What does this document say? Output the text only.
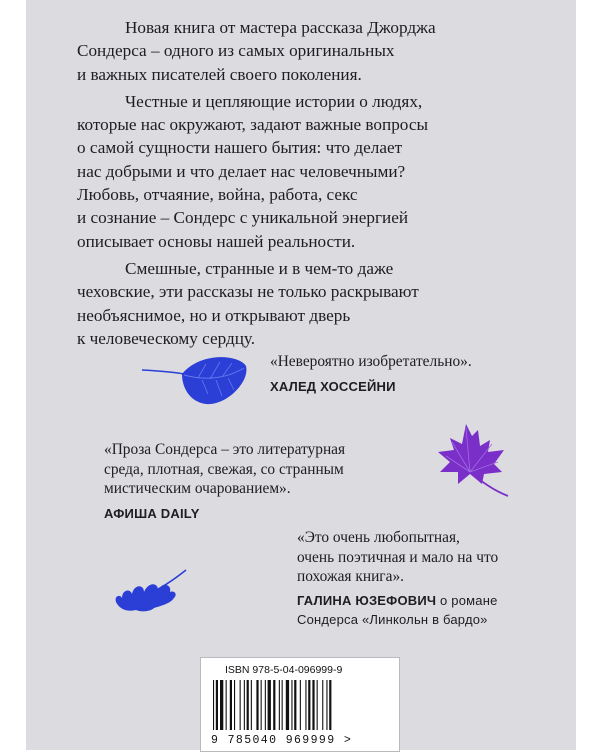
Новая книга от мастера рассказа Джорджа
Сондерса – одного из самых оригинальных
и важных писателей своего поколения.

Честные и цепляющие истории о людях,
которые нас окружают, задают важные вопросы
о самой сущности нашего бытия: что делает
нас добрыми и что делает нас человечными?
Любовь, отчаяние, война, работа, секс
и сознание – Сондерс с уникальной энергией
описывает основы нашей реальности.

Смешные, странные и в чем-то даже
чеховские, эти рассказы не только раскрывают
необъяснимое, но и открывают дверь
к человеческому сердцу.

«Невероятно изобретательно».
ХАЛЕД ХОССЕЙНИ
«Проза Сондерса – это литературная
среда, плотная, свежая, со странным
мистическим очарованием».
АФИША DAILY
«Это очень любопытная,
очень поэтичная и мало на что
похожая книга».
ГАЛИНА ЮЗЕФОВИЧ о романе
Сондерса «Линкольн в бардо»
ISBN 978-5-04-096999-9
9 785040 969999 >
